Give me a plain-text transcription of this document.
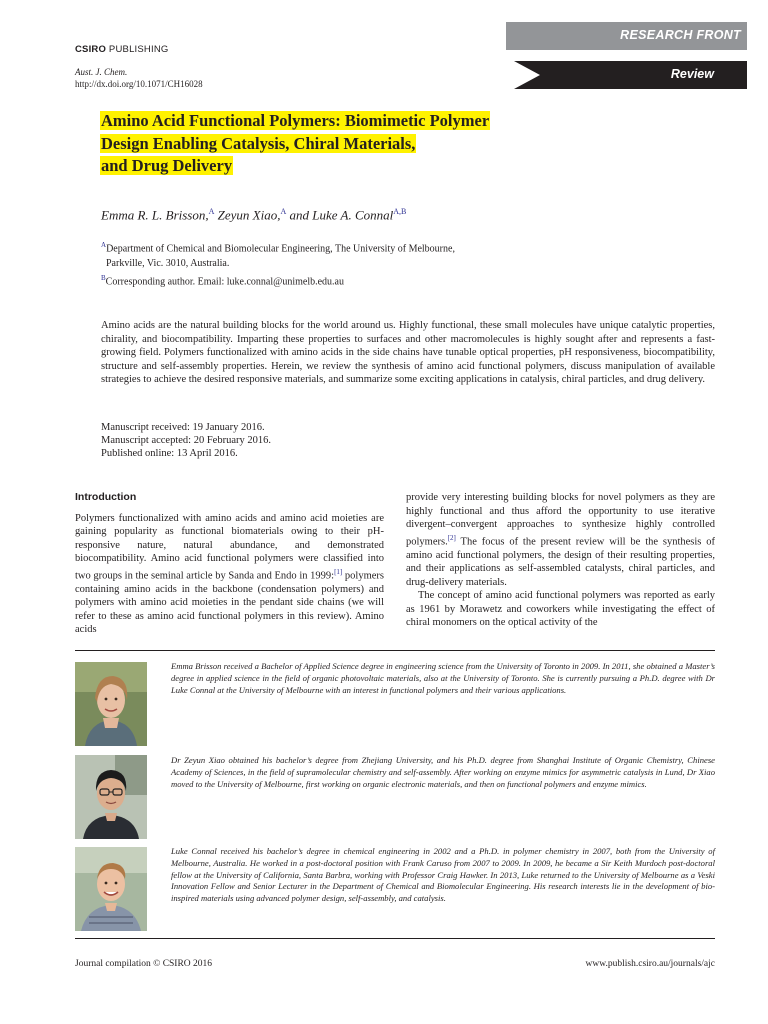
CSIRO PUBLISHING
Aust. J. Chem.
http://dx.doi.org/10.1071/CH16028
RESEARCH FRONT
Review
Amino Acid Functional Polymers: Biomimetic Polymer
Design Enabling Catalysis, Chiral Materials,
and Drug Delivery
Emma R. L. Brisson,$^A$ Zeyun Xiao,$^A$ and Luke A. Connal$^{A,B}$
$^A$Department of Chemical and Biomolecular Engineering, The University of Melbourne,
Parkville, Vic. 3010, Australia.
$^B$Corresponding author. Email: luke.connal@unimelb.edu.au
Amino acids are the natural building blocks for the world around us. Highly functional, these small molecules have unique catalytic properties, chirality, and biocompatibility. Imparting these properties to surfaces and other macromolecules is highly sought after and represents a fast-growing field. Polymers functionalized with amino acids in the side chains have tunable optical properties, pH responsiveness, biocompatibility, structure and self-assembly properties. Herein, we review the synthesis of amino acid functional polymers, discuss manipulation of available strategies to achieve the desired responsive materials, and summarize some exciting applications in catalysis, chiral particles, and drug delivery.
Manuscript received: 19 January 2016.
Manuscript accepted: 20 February 2016.
Published online: 13 April 2016.
Introduction

Polymers functionalized with amino acids and amino acid moieties are gaining popularity as functional biomaterials owing to their pH-responsive nature, natural abundance, and demonstrated biocompatibility. Amino acid functional polymers were classified into two groups in the seminal article by Sanda and Endo in 1999:[1] polymers containing amino acids in the backbone (condensation polymers) and polymers with amino acid moieties in the pendant side chains (we will refer to these as amino acid functional polymers in this review). Amino acids

provide very interesting building blocks for novel polymers as they are highly functional and thus afford the opportunity to use iterative divergent–convergent approaches to synthesize highly controlled polymers.[2] The focus of the present review will be the synthesis of amino acid functional polymers, the design of their resulting properties, and their applications as self-assembled catalysts, chiral particles, and drug-delivery materials.

The concept of amino acid functional polymers was reported as early as 1961 by Morawetz and coworkers while investigating the effect of chiral monomers on the optical activity of the

Emma Brisson received a Bachelor of Applied Science degree in engineering science from the University of Toronto in 2009. In 2011, she obtained a Master’s degree in applied science in the field of organic photovoltaic materials, also at the University of Toronto. She is currently pursuing a Ph.D. degree with Dr Luke Connal at the University of Melbourne with an interest in functional polymers and their various applications.
Dr Zeyun Xiao obtained his bachelor’s degree from Zhejiang University, and his Ph.D. degree from Shanghai Institute of Organic Chemistry, Chinese Academy of Sciences, in the field of supramolecular chemistry and self-assembly. After working on enzyme mimics for asymmetric catalysis in Lund, Dr Xiao moved to the University of Melbourne, first working on organic electronic materials, and then on functional polymers and enzyme mimics.
Luke Connal received his bachelor’s degree in chemical engineering in 2002 and a Ph.D. in polymer chemistry in 2007, both from the University of Melbourne, Australia. He worked in a post-doctoral position with Frank Caruso from 2007 to 2009. In 2009, he became a Sir Keith Murdoch post-doctoral fellow at the University of California, Santa Barbra, working with Professor Craig Hawker. In 2013, Luke returned to the University of Melbourne as a Veski Innovation Fellow and Senior Lecturer in the Department of Chemical and Biomolecular Engineering. His research interests lie in the development of bio-inspired materials using advanced polymer design, self-assembly, and catalysis.
Journal compilation © CSIRO 2016	www.publish.csiro.au/journals/ajc
